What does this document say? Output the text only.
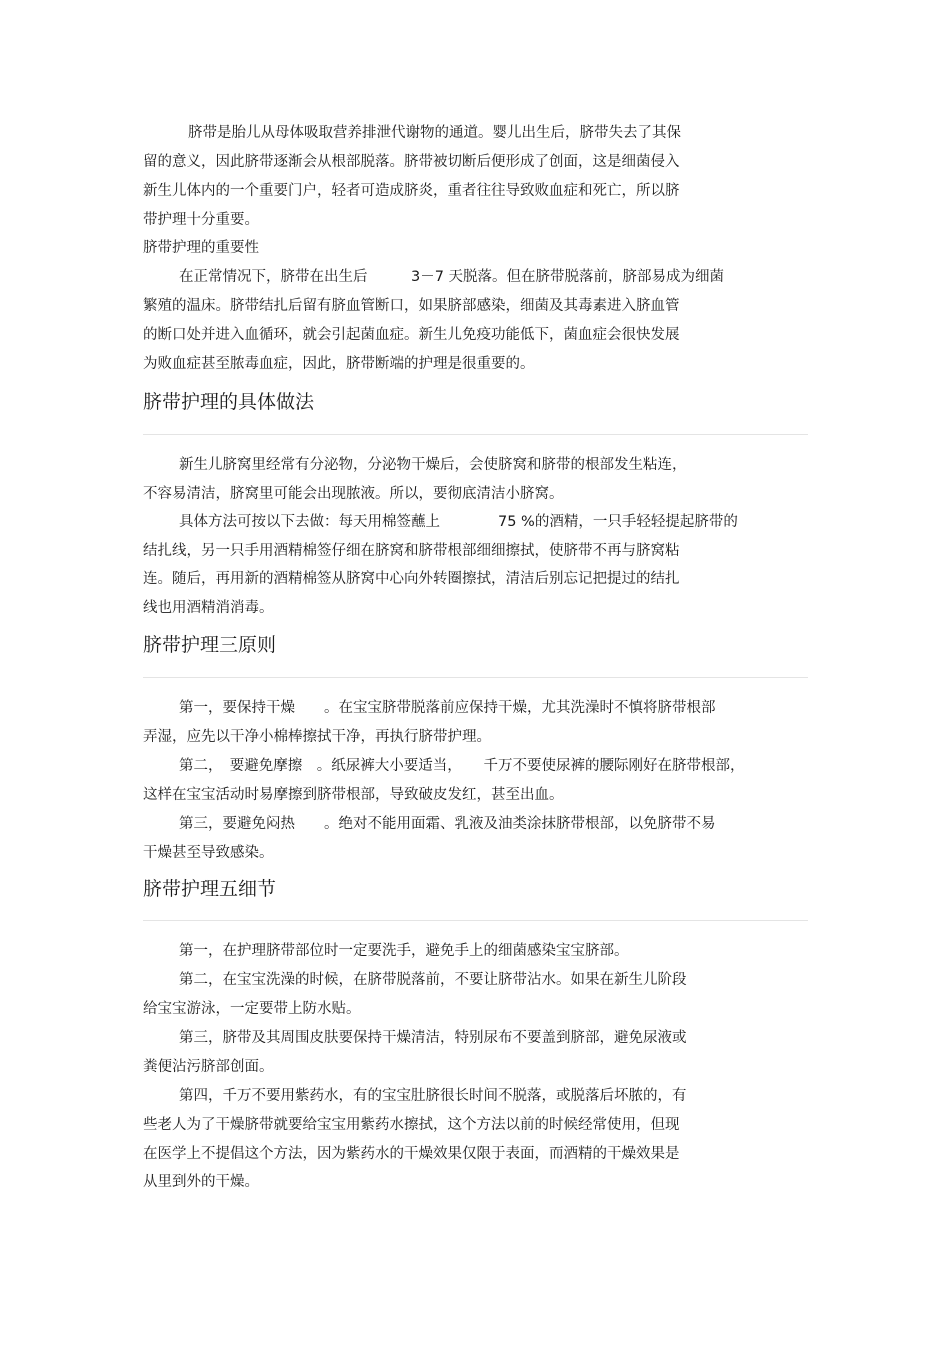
脐带是胎儿从母体吸取营养排泄代谢物的通道。婴儿出生后，脐带失去了其保
留的意义，因此脐带逐渐会从根部脱落。脐带被切断后便形成了创面，这是细菌侵入
新生儿体内的一个重要门户，轻者可造成脐炎，重者往往导致败血症和死亡，所以脐
带护理十分重要。
脐带护理的重要性
在正常情况下，脐带在出生后　　　3－7 天脱落。但在脐带脱落前，脐部易成为细菌
繁殖的温床。脐带结扎后留有脐血管断口，如果脐部感染，细菌及其毒素进入脐血管
的断口处并进入血循环，就会引起菌血症。新生儿免疫功能低下，菌血症会很快发展
为败血症甚至脓毒血症，因此，脐带断端的护理是很重要的。
脐带护理的具体做法
新生儿脐窝里经常有分泌物，分泌物干燥后，会使脐窝和脐带的根部发生粘连，
不容易清洁，脐窝里可能会出现脓液。所以，要彻底清洁小脐窝。
具体方法可按以下去做：每天用棉签蘸上　　　　75 %的酒精，一只手轻轻提起脐带的
结扎线，另一只手用酒精棉签仔细在脐窝和脐带根部细细擦拭，使脐带不再与脐窝粘
连。随后，再用新的酒精棉签从脐窝中心向外转圈擦拭，清洁后别忘记把提过的结扎
线也用酒精消消毒。
脐带护理三原则
第一，要保持干燥　　。在宝宝脐带脱落前应保持干燥，尤其洗澡时不慎将脐带根部
弄湿，应先以干净小棉棒擦拭干净，再执行脐带护理。
第二，　要避免摩擦　。纸尿裤大小要适当，　　千万不要使尿裤的腰际刚好在脐带根部，
这样在宝宝活动时易摩擦到脐带根部，导致破皮发红，甚至出血。
第三，要避免闷热　　。绝对不能用面霜、乳液及油类涂抹脐带根部，以免脐带不易
干燥甚至导致感染。
脐带护理五细节
第一，在护理脐带部位时一定要洗手，避免手上的细菌感染宝宝脐部。
第二，在宝宝洗澡的时候，在脐带脱落前，不要让脐带沾水。如果在新生儿阶段
给宝宝游泳，一定要带上防水贴。
第三，脐带及其周围皮肤要保持干燥清洁，特别尿布不要盖到脐部，避免尿液或
粪便沾污脐部创面。
第四，千万不要用紫药水，有的宝宝肚脐很长时间不脱落，或脱落后坏脓的，有
些老人为了干燥脐带就要给宝宝用紫药水擦拭，这个方法以前的时候经常使用，但现
在医学上不提倡这个方法，因为紫药水的干燥效果仅限于表面，而酒精的干燥效果是
从里到外的干燥。
